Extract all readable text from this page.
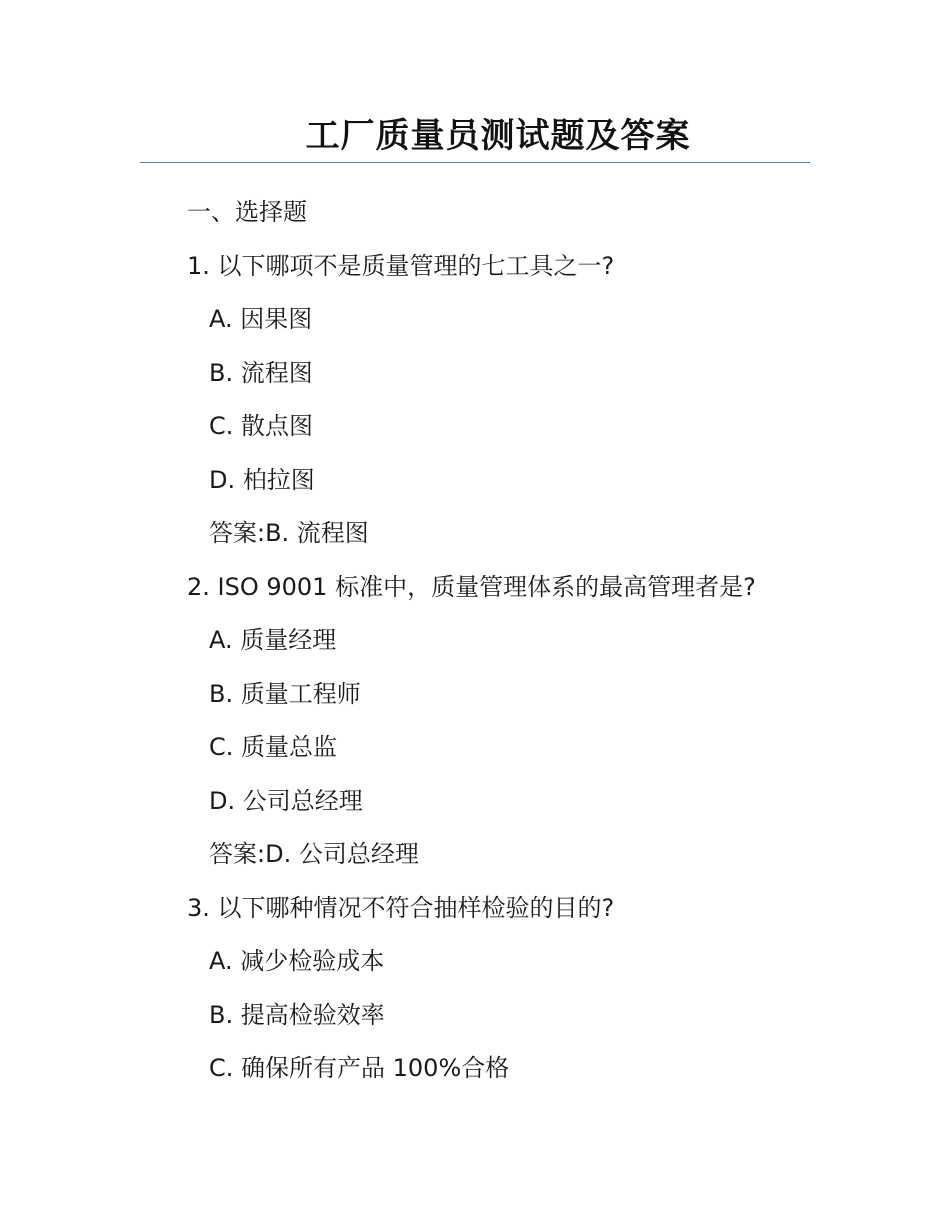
工厂质量员测试题及答案
一、选择题
1. 以下哪项不是质量管理的七工具之一?
A. 因果图
B. 流程图
C. 散点图
D. 柏拉图
答案:B. 流程图
2. ISO 9001 标准中，质量管理体系的最高管理者是?
A. 质量经理
B. 质量工程师
C. 质量总监
D. 公司总经理
答案:D. 公司总经理
3. 以下哪种情况不符合抽样检验的目的?
A. 减少检验成本
B. 提高检验效率
C. 确保所有产品 100%合格
